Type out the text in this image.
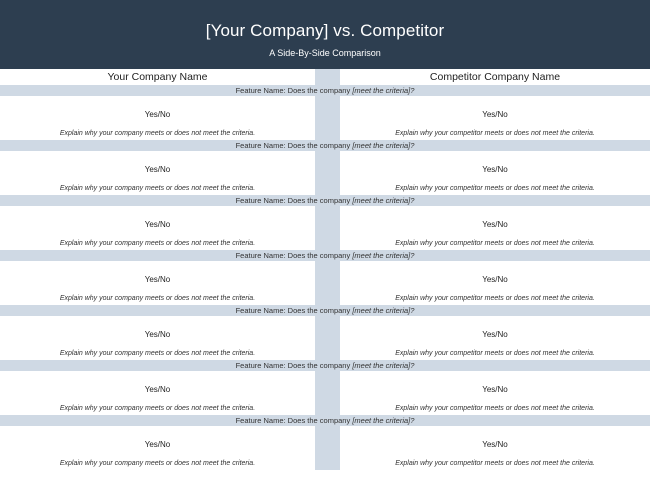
[Your Company] vs. Competitor
A Side-By-Side Comparison
Your Company Name	Competitor Company Name
Feature Name: Does the company [meet the criteria]?
Yes/No
Explain why your company meets or does not meet the criteria.
Yes/No
Explain why your competitor meets or does not meet the criteria.
Feature Name: Does the company [meet the criteria]?
Yes/No
Explain why your company meets or does not meet the criteria.
Yes/No
Explain why your competitor meets or does not meet the criteria.
Feature Name: Does the company [meet the criteria]?
Yes/No
Explain why your company meets or does not meet the criteria.
Yes/No
Explain why your competitor meets or does not meet the criteria.
Feature Name: Does the company [meet the criteria]?
Yes/No
Explain why your company meets or does not meet the criteria.
Yes/No
Explain why your competitor meets or does not meet the criteria.
Feature Name: Does the company [meet the criteria]?
Yes/No
Explain why your company meets or does not meet the criteria.
Yes/No
Explain why your competitor meets or does not meet the criteria.
Feature Name: Does the company [meet the criteria]?
Yes/No
Explain why your company meets or does not meet the criteria.
Yes/No
Explain why your competitor meets or does not meet the criteria.
Feature Name: Does the company [meet the criteria]?
Yes/No
Explain why your company meets or does not meet the criteria.
Yes/No
Explain why your competitor meets or does not meet the criteria.
